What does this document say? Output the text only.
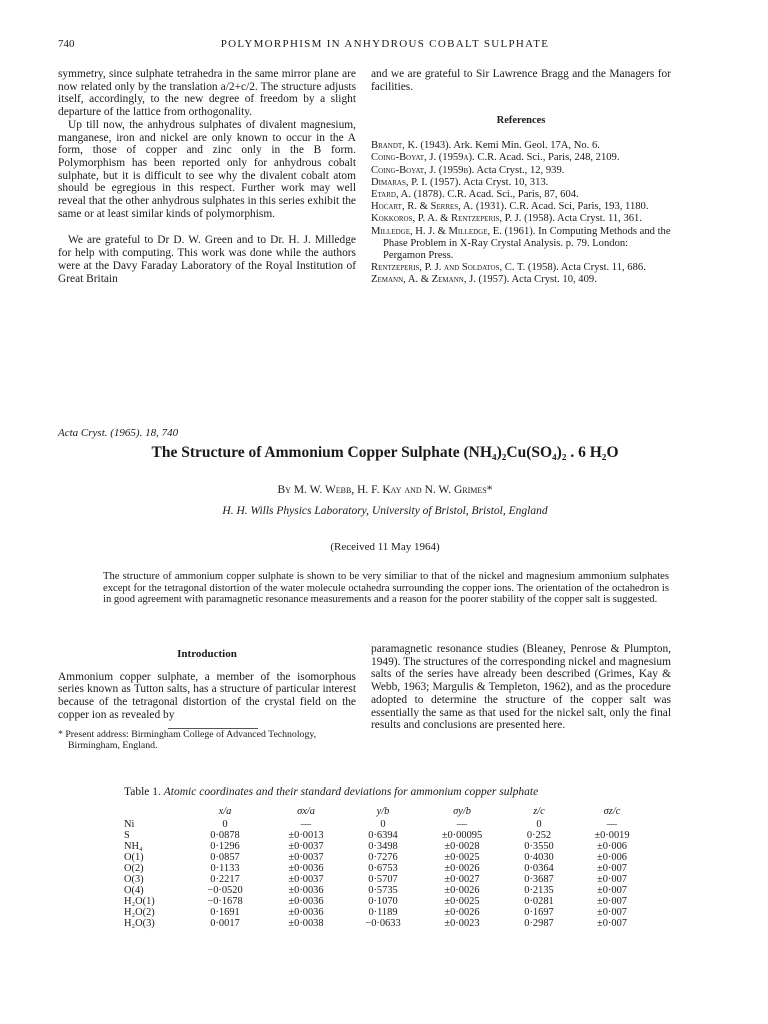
740	POLYMORPHISM IN ANHYDROUS COBALT SULPHATE

symmetry, since sulphate tetrahedra in the same mirror plane are now related only by the translation a/2+c/2. The structure adjusts itself, accordingly, to the new degree of freedom by a slight departure of the lattice from orthogonality.

Up till now, the anhydrous sulphates of divalent magnesium, manganese, iron and nickel are only known to occur in the A form, those of copper and zinc only in the B form. Polymorphism has been reported only for anhydrous cobalt sulphate, but it is difficult to see why the divalent cobalt atom should be egregious in this respect. Further work may well reveal that the other anhydrous sulphates in this series exhibit the same or at least similar kinds of polymorphism.

We are grateful to Dr D. W. Green and to Dr. H. J. Milledge for help with computing. This work was done while the authors were at the Davy Faraday Laboratory of the Royal Institution of Great Britain

and we are grateful to Sir Lawrence Bragg and the Managers for facilities.

References
Brandt, K. (1943). Ark. Kemi Min. Geol. 17A, No. 6.
Coing-Boyat, J. (1959a). C.R. Acad. Sci., Paris, 248, 2109.
Coing-Boyat, J. (1959b). Acta Cryst., 12, 939.
Dimaras, P. I. (1957). Acta Cryst. 10, 313.
Etard, A. (1878). C.R. Acad. Sci., Paris, 87, 604.
Hocart, R. & Serres, A. (1931). C.R. Acad. Sci, Paris, 193, 1180.
Kokkoros, P. A. & Rentzeperis, P. J. (1958). Acta Cryst. 11, 361.
Milledge, H. J. & Milledge, E. (1961). In Computing Methods and the Phase Problem in X-Ray Crystal Analysis. p. 79. London: Pergamon Press.
Rentzeperis, P. J. and Soldatos, C. T. (1958). Acta Cryst. 11, 686.
Zemann, A. & Zemann, J. (1957). Acta Cryst. 10, 409.
Acta Cryst. (1965). 18, 740
The Structure of Ammonium Copper Sulphate (NH₄)₂Cu(SO₄)₂ . 6 H₂O
By M. W. Webb, H. F. Kay and N. W. Grimes*
H. H. Wills Physics Laboratory, University of Bristol, Bristol, England
(Received 11 May 1964)
The structure of ammonium copper sulphate is shown to be very similiar to that of the nickel and magnesium ammonium sulphates except for the tetragonal distortion of the water molecule octahedra surrounding the copper ions. The orientation of the octahedron is in good agreement with paramagnetic resonance measurements and a reason for the poorer stability of the copper salt is suggested.
Introduction

Ammonium copper sulphate, a member of the isomorphous series known as Tutton salts, has a structure of particular interest because of the tetragonal distortion of the crystal field on the copper ion as revealed by

* Present address: Birmingham College of Advanced Technology, Birmingham, England.

paramagnetic resonance studies (Bleaney, Penrose & Plumpton, 1949). The structures of the corresponding nickel and magnesium salts of the series have already been described (Grimes, Kay & Webb, 1963; Margulis & Templeton, 1962), and as the procedure adopted to determine the structure of the copper salt was essentially the same as that used for the nickel salt, only the final results and conclusions are presented here.

Table 1. Atomic coordinates and their standard deviations for ammonium copper sulphate
	x/a	σx/a	y/b	σy/b	z/c	σz/c
Ni	0	—	0	—	0	—
S	0·0878	±0·0013	0·6394	±0·00095	0·252	±0·0019
NH₄	0·1296	±0·0037	0·3498	±0·0028	0·3550	±0·006
O(1)	0·0857	±0·0037	0·7276	±0·0025	0·4030	±0·006
O(2)	0·1133	±0·0036	0·6753	±0·0026	0·0364	±0·007
O(3)	0·2217	±0·0037	0·5707	±0·0027	0·3687	±0·007
O(4)	−0·0520	±0·0036	0·5735	±0·0026	0·2135	±0·007
H₂O(1)	−0·1678	±0·0036	0·1070	±0·0025	0·0281	±0·007
H₂O(2)	0·1691	±0·0036	0·1189	±0·0026	0·1697	±0·007
H₂O(3)	0·0017	±0·0038	−0·0633	±0·0023	0·2987	±0·007
